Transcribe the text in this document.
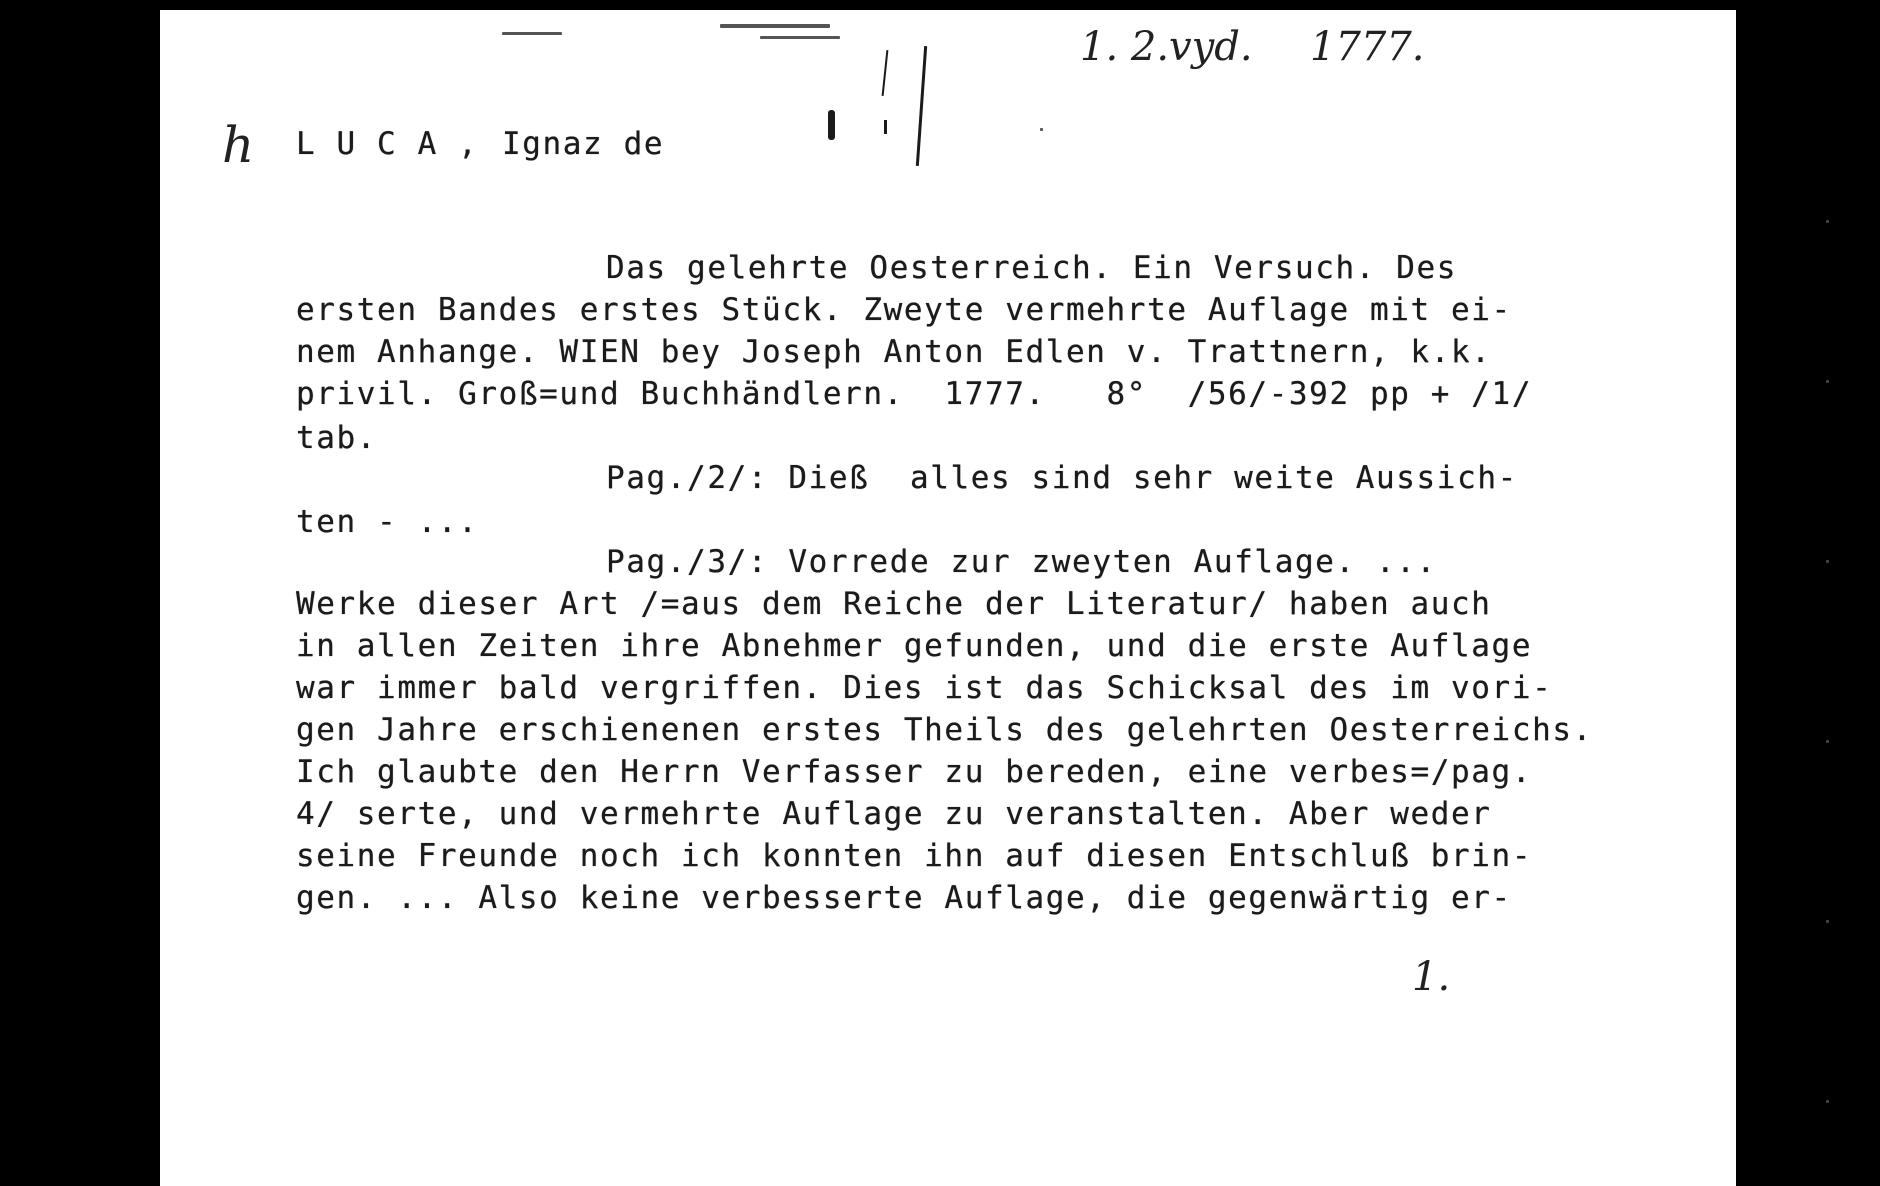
1. 2.vyd. 1777.
h L U C A , Ignaz de
Das gelehrte Oesterreich. Ein Versuch. Des
ersten Bandes erstes Stück. Zweyte vermehrte Auflage mit ei-
nem Anhange. WIEN bey Joseph Anton Edlen v. Trattnern, k.k.
privil. Groß=und Buchhändlern.  1777.   8°  /56/-392 pp + /1/
tab.
Pag./2/: Dieß  alles sind sehr weite Aussich-
ten - ...
Pag./3/: Vorrede zur zweyten Auflage. ...
Werke dieser Art /=aus dem Reiche der Literatur/ haben auch
in allen Zeiten ihre Abnehmer gefunden, und die erste Auflage
war immer bald vergriffen. Dies ist das Schicksal des im vori-
gen Jahre erschienenen erstes Theils des gelehrten Oesterreichs.
Ich glaubte den Herrn Verfasser zu bereden, eine verbes=/pag.
4/ serte, und vermehrte Auflage zu veranstalten. Aber weder
seine Freunde noch ich konnten ihn auf diesen Entschluß brin-
gen. ... Also keine verbesserte Auflage, die gegenwärtig er-
1.
